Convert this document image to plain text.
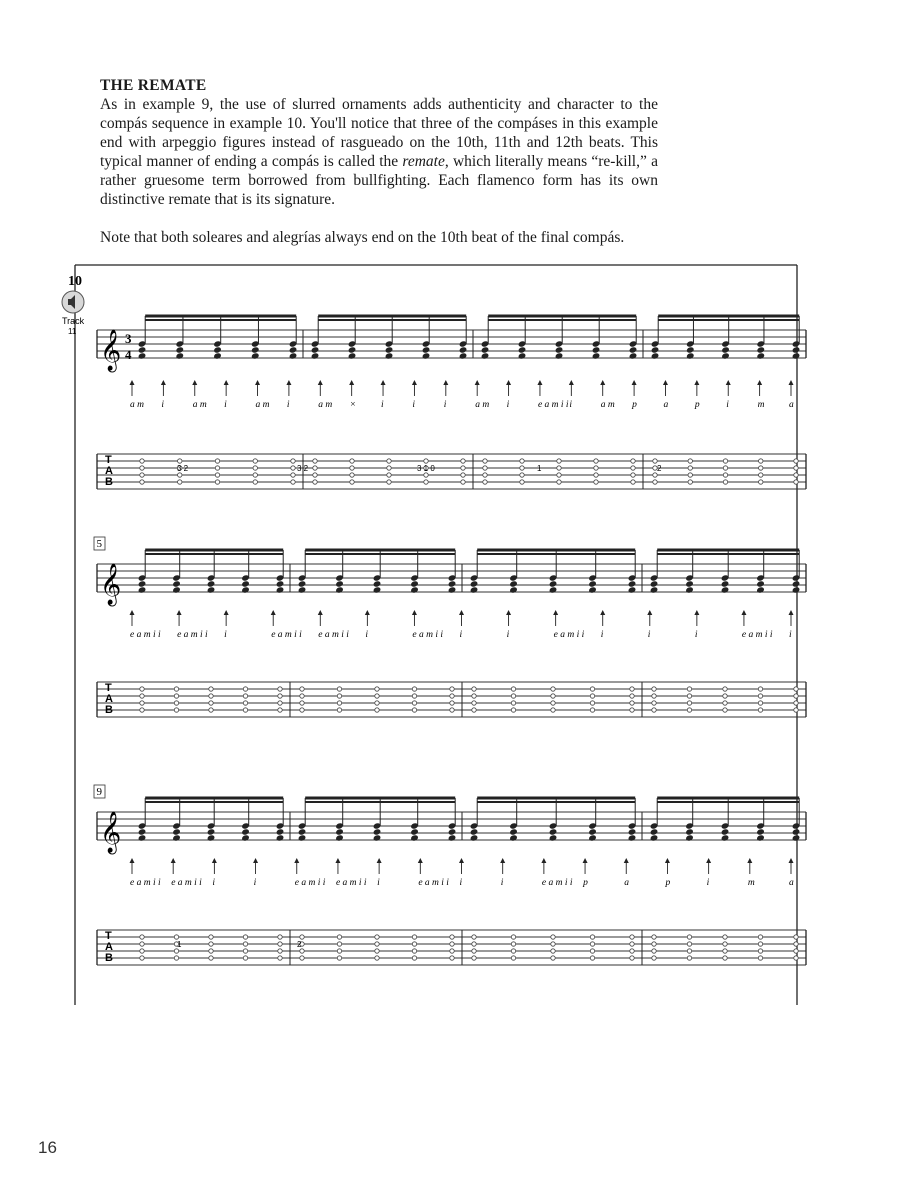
THE REMATE
As in example 9, the use of slurred ornaments adds authenticity and character to the compás sequence in example 10. You'll notice that three of the compáses in this example end with arpeggio figures instead of rasgueado on the 10th, 11th and 12th beats. This typical manner of ending a compás is called the remate, which literally means “re-kill,” a rather gruesome term borrowed from bullfighting. Each flamenco form has its own distinctive remate that is its signature.
Note that both soleares and alegrías always end on the 10th beat of the final compás.
10
Track
11 𝄞 3
4
T
A
B
a m i	a m i	a m i	a m ×	i	i	i	a m i	e a m i i i	a m p	a	p	i	m	a
3 2	3 2	3 1 0	1	2
𝄞
5
T
A
B
e a m i i e a m i i i	e a m i i e a m i i i	e a m i i i	i	e a m i i i	i	i	e a m i i i
𝄞
9
T
A
B
e a m i i e a m i i i	i	e a m i i e a m i i i	e a m i i i	i	e a m i i p	a	p	i	m	a
1	2
16
